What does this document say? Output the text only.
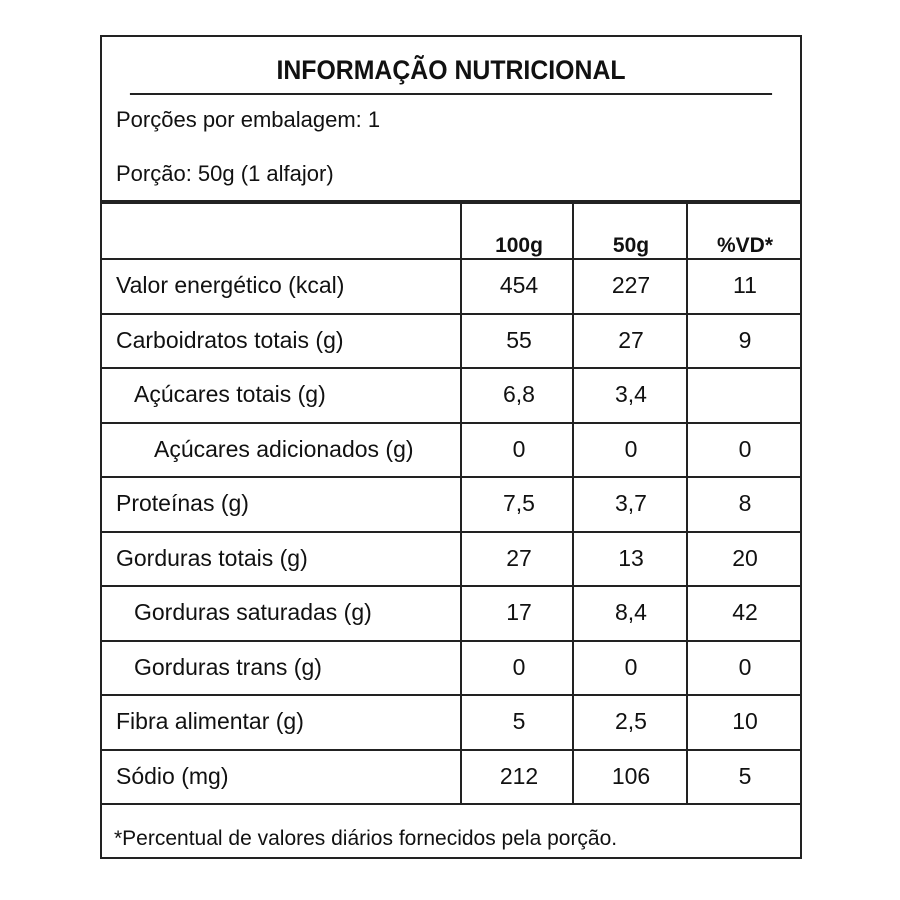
INFORMAÇÃO NUTRICIONAL
Porções por embalagem: 1
Porção: 50g (1 alfajor)
100g	50g	%VD*
Valor energético (kcal)	454	227	11
Carboidratos totais (g)	55	27	9
Açúcares totais (g)	6,8	3,4
Açúcares adicionados (g)	0	0	0
Proteínas (g)	7,5	3,7	8
Gorduras totais (g)	27	13	20
Gorduras saturadas (g)	17	8,4	42
Gorduras trans (g)	0	0	0
Fibra alimentar (g)	5	2,5	10
Sódio (mg)	212	106	5
*Percentual de valores diários fornecidos pela porção.
